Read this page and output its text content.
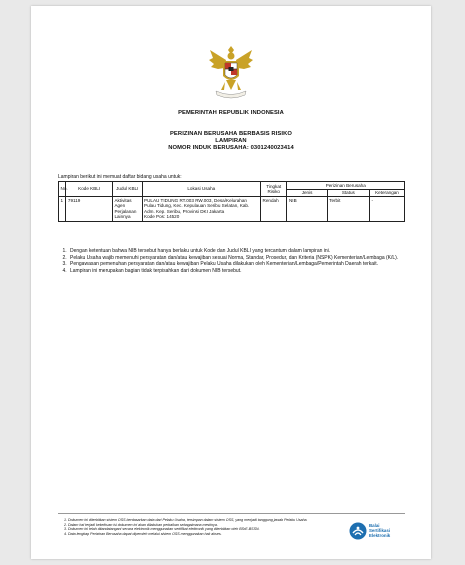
PEMERINTAH REPUBLIK INDONESIA
PERIZINAN BERUSAHA BERBASIS RISIKO
LAMPIRAN
NOMOR INDUK BERUSAHA: 0301240023414
Lampiran berikut ini memuat daftar bidang usaha untuk:
No.	Kode KBLI	Judul KBLI	Lokasi Usaha	Tingkat Risiko	Perizinan Berusaha		
					Jenis	Status	Keterangan
1	79119	Aktivitas Agen Perjalanan Lainnya	PULAU TIDUNG RT.003 RW.003, Desa/Kelurahan Pulau Tidung, Kec. Kepulauan Seribu Selatan, Kab. Adm. Kep. Seribu, Provinsi DKI Jakarta
Kode Pos: 14520	Rendah	NIB	Terbit	-
1. Dengan ketentuan bahwa NIB tersebut hanya berlaku untuk Kode dan Judul KBLI yang tercantum dalam lampiran ini.
2. Pelaku Usaha wajib memenuhi persyaratan dan/atau kewajiban sesuai Norma, Standar, Prosedur, dan Kriteria (NSPK) Kementerian/Lembaga (K/L).
3. Pengawasan pemenuhan persyaratan dan/atau kewajiban Pelaku Usaha dilakukan oleh Kementerian/Lembaga/Pemerintah Daerah terkait.
4. Lampiran ini merupakan bagian tidak terpisahkan dari dokumen NIB tersebut.
1. Dokumen ini diterbitkan sistem OSS berdasarkan data dari Pelaku Usaha, tersimpan dalam sistem OSS, yang menjadi tanggung jawab Pelaku Usaha.
2. Dalam hal terjadi kekeliruan isi dokumen ini akan dilakukan perbaikan sebagaimana mestinya.
3. Dokumen ini telah ditandatangani secara elektronik menggunakan sertifikat elektronik yang diterbitkan oleh BSrE-BSSN.
4. Data lengkap Perizinan Berusaha dapat diperoleh melalui sistem OSS menggunakan hak akses.
Balai
Sertifikasi
Elektronik
